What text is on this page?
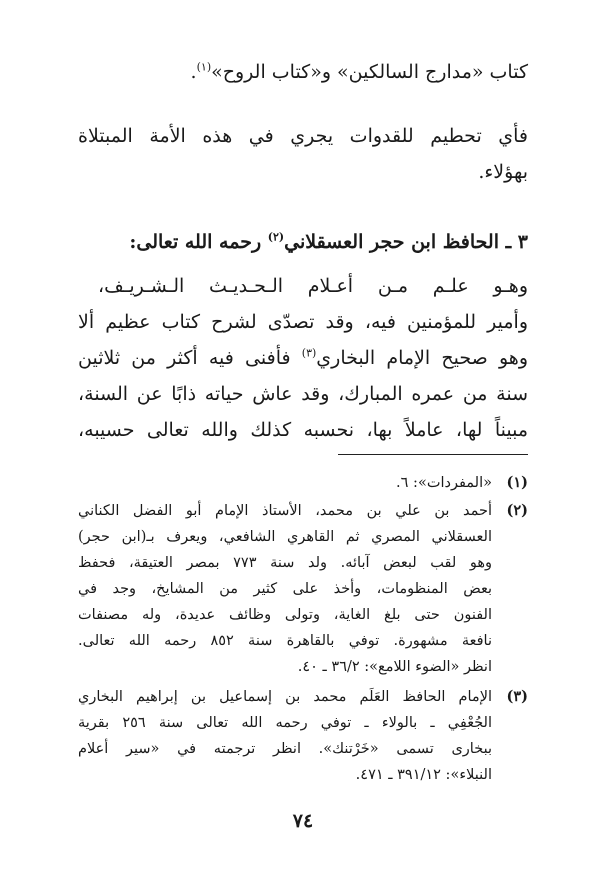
كتاب «مدارج السالكين» و«كتاب الروح»$^{(١)}$.

فأي تحطيم للقدوات يجري في هذه الأمة المبتلاة

بهؤلاء.

٣ ـ الحافظ ابن حجر العسقلاني$^{(٢)}$ رحمه الله تعالى:

وهـو علـم مـن أعـلام الـحـديـث الـشـريـف،

وأمير للمؤمنين فيه، وقد تصدّى لشرح كتاب عظيم ألا

وهو صحيح الإمام البخاري$^{(٣)}$ فأفنى فيه أكثر من ثلاثين

سنة من عمره المبارك، وقد عاش حياته ذابًا عن السنة،

مبيناً لها، عاملاً بها، نحسبه كذلك والله تعالى حسيبه،

(١)

«المفردات»: ٦.

(٢)

أحمد بن علي بن محمد، الأستاذ الإمام أبو الفضل الكناني

العسقلاني المصري ثم القاهري الشافعي، ويعرف بـ(ابن حجر)

وهو لقب لبعض آبائه. ولد سنة ٧٧٣ بمصر العتيقة، فحفظ

بعض المنظومات، وأخذ على كثير من المشايخ، وجد في

الفنون حتى بلغ الغاية، وتولى وظائف عديدة، وله مصنفات

نافعة مشهورة. توفي بالقاهرة سنة ٨٥٢ رحمه الله تعالى.

انظر «الضوء اللامع»: ٣٦/٢ ـ ٤٠.

(٣)

الإمام الحافظ العَلَم محمد بن إسماعيل بن إبراهيم البخاري

الجُعْفِي ـ بالولاء ـ توفي رحمه الله تعالى سنة ٢٥٦ بقرية

ببخارى تسمى «خَرْتنك». انظر ترجمته في «سير أعلام

النبلاء»: ٣٩١/١٢ ـ ٤٧١.

٧٤
